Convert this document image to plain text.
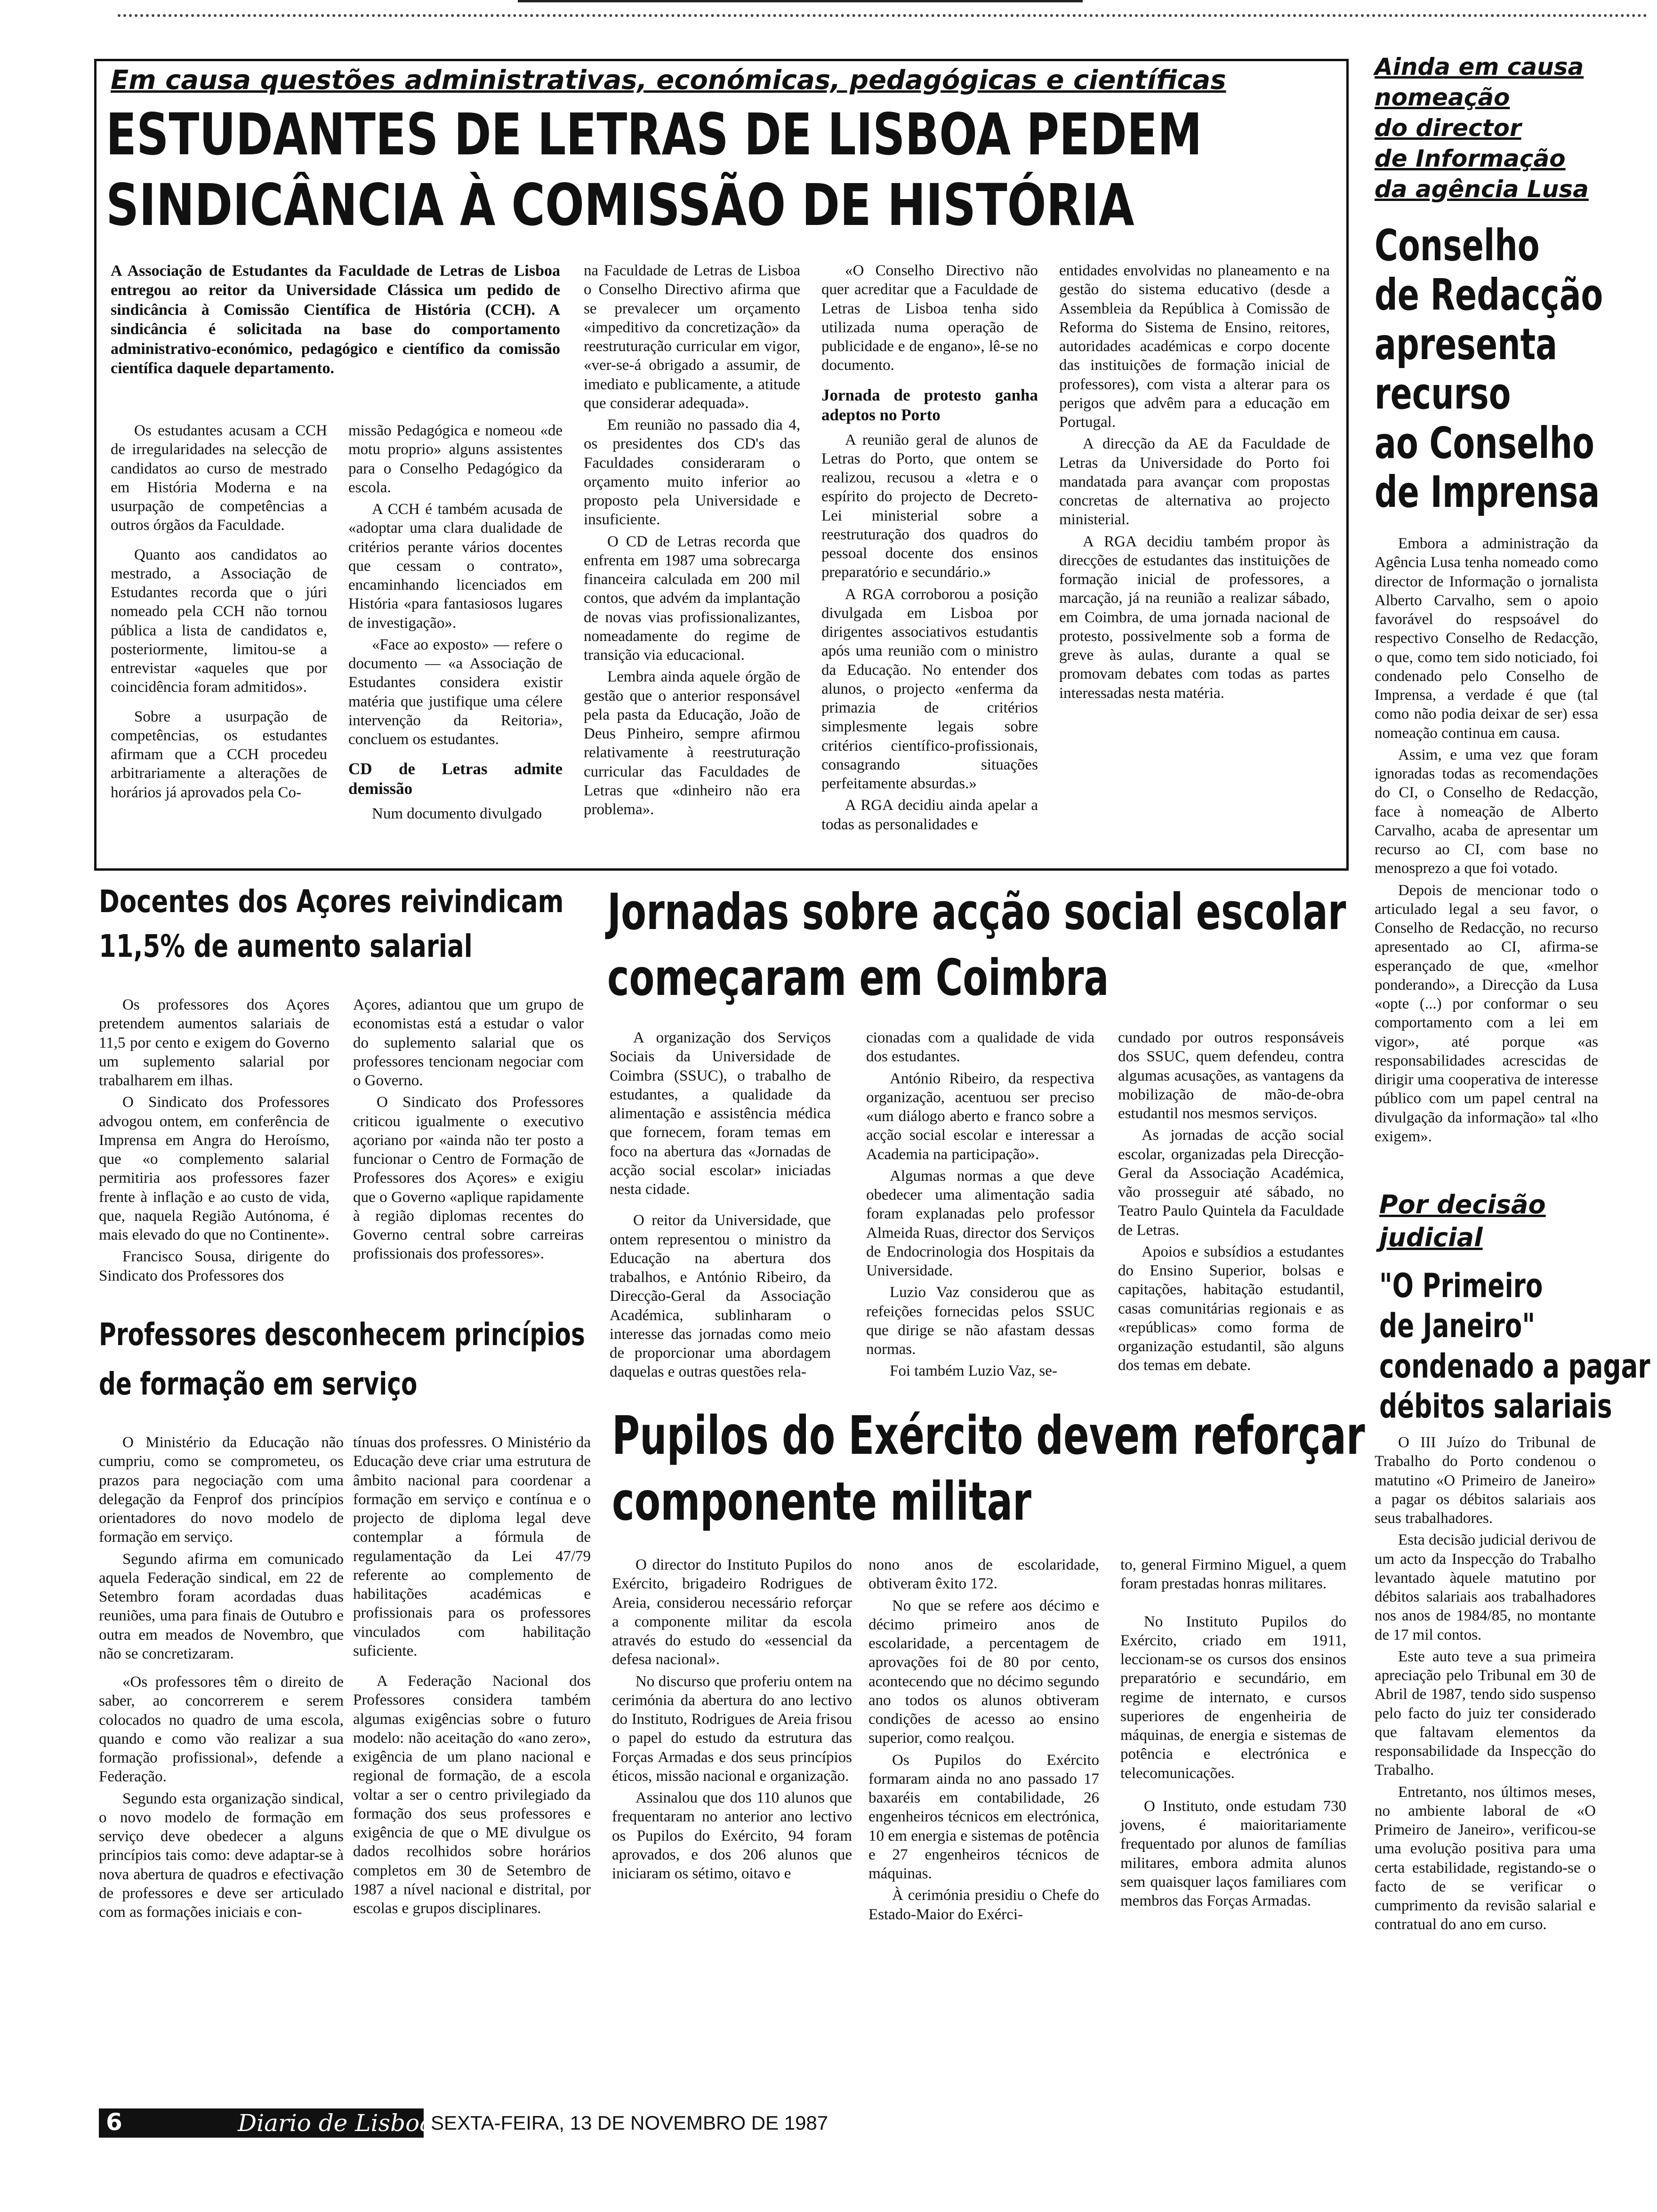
Em causa questões administrativas, económicas, pedagógicas e científicas

ESTUDANTES DE LETRAS DE LISBOA PEDEM
SINDICÂNCIA À COMISSÃO DE HISTÓRIA

A Associação de Estudantes da Faculdade de Letras de Lisboa entregou ao reitor da Universidade Clássica um pedido de sindicância à Comissão Científica de História (CCH). A sindicância é solicitada na base do comportamento administrativo-económico, pedagógico e científico da comissão científica daquele departamento.

Os estudantes acusam a CCH de irregularidades na selecção de candidatos ao curso de mestrado em História Moderna e na usurpação de competências a outros órgãos da Faculdade.

Quanto aos candidatos ao mestrado, a Associação de Estudantes recorda que o júri nomeado pela CCH não tornou pública a lista de candidatos e, posteriormente, limitou-se a entrevistar «aqueles que por coincidência foram admitidos».

Sobre a usurpação de competências, os estudantes afirmam que a CCH procedeu arbitrariamente a alterações de horários já aprovados pela Co-

missão Pedagógica e nomeou «de motu proprio» alguns assistentes para o Conselho Pedagógico da escola.

A CCH é também acusada de «adoptar uma clara dualidade de critérios perante vários docentes que cessam o contrato», encaminhando licenciados em História «para fantasiosos lugares de investigação».

«Face ao exposto» — refere o documento — «a Associação de Estudantes considera existir matéria que justifique uma célere intervenção da Reitoria», concluem os estudantes.

CD de Letras admite demissão

Num documento divulgado

na Faculdade de Letras de Lisboa o Conselho Directivo afirma que se prevalecer um orçamento «impeditivo da concretização» da reestruturação curricular em vigor, «ver-se-á obrigado a assumir, de imediato e publicamente, a atitude que considerar adequada».

Em reunião no passado dia 4, os presidentes dos CD's das Faculdades consideraram o orçamento muito inferior ao proposto pela Universidade e insuficiente.

O CD de Letras recorda que enfrenta em 1987 uma sobrecarga financeira calculada em 200 mil contos, que advém da implantação de novas vias profissionalizantes, nomeadamente do regime de transição via educacional.

Lembra ainda aquele órgão de gestão que o anterior responsável pela pasta da Educação, João de Deus Pinheiro, sempre afirmou relativamente à reestruturação curricular das Faculdades de Letras que «dinheiro não era problema».

«O Conselho Directivo não quer acreditar que a Faculdade de Letras de Lisboa tenha sido utilizada numa operação de publicidade e de engano», lê-se no documento.

Jornada de protesto ganha adeptos no Porto

A reunião geral de alunos de Letras do Porto, que ontem se realizou, recusou a «letra e o espírito do projecto de Decreto-Lei ministerial sobre a reestruturação dos quadros do pessoal docente dos ensinos preparatório e secundário.»

A RGA corroborou a posição divulgada em Lisboa por dirigentes associativos estudantis após uma reunião com o ministro da Educação. No entender dos alunos, o projecto «enferma da primazia de critérios simplesmente legais sobre critérios científico-profissionais, consagrando situações perfeitamente absurdas.»

A RGA decidiu ainda apelar a todas as personalidades e

entidades envolvidas no planeamento e na gestão do sistema educativo (desde a Assembleia da República à Comissão de Reforma do Sistema de Ensino, reitores, autoridades académicas e corpo docente das instituições de formação inicial de professores), com vista a alterar para os perigos que advêm para a educação em Portugal.

A direcção da AE da Faculdade de Letras da Universidade do Porto foi mandatada para avançar com propostas concretas de alternativa ao projecto ministerial.

A RGA decidiu também propor às direcções de estudantes das instituições de formação inicial de professores, a marcação, já na reunião a realizar sábado, em Coimbra, de uma jornada nacional de protesto, possivelmente sob a forma de greve às aulas, durante a qual se promovam debates com todas as partes interessadas nesta matéria.

Docentes dos Açores reivindicam
11,5% de aumento salarial

Os professores dos Açores pretendem aumentos salariais de 11,5 por cento e exigem do Governo um suplemento salarial por trabalharem em ilhas.

O Sindicato dos Professores advogou ontem, em conferência de Imprensa em Angra do Heroísmo, que «o complemento salarial permitiria aos professores fazer frente à inflação e ao custo de vida, que, naquela Região Autónoma, é mais elevado do que no Continente».

Francisco Sousa, dirigente do Sindicato dos Professores dos

Açores, adiantou que um grupo de economistas está a estudar o valor do suplemento salarial que os professores tencionam negociar com o Governo.

O Sindicato dos Professores criticou igualmente o executivo açoriano por «ainda não ter posto a funcionar o Centro de Formação de Professores dos Açores» e exigiu que o Governo «aplique rapidamente à região diplomas recentes do Governo central sobre carreiras profissionais dos professores».

Professores desconhecem princípios
de formação em serviço

O Ministério da Educação não cumpriu, como se comprometeu, os prazos para negociação com uma delegação da Fenprof dos princípios orientadores do novo modelo de formação em serviço.

Segundo afirma em comunicado aquela Federação sindical, em 22 de Setembro foram acordadas duas reuniões, uma para finais de Outubro e outra em meados de Novembro, que não se concretizaram.

«Os professores têm o direito de saber, ao concorrerem e serem colocados no quadro de uma escola, quando e como vão realizar a sua formação profissional», defende a Federação.

Segundo esta organização sindical, o novo modelo de formação em serviço deve obedecer a alguns princípios tais como: deve adaptar-se à nova abertura de quadros e efectivação de professores e deve ser articulado com as formações iniciais e con-

tínuas dos professres. O Ministério da Educação deve criar uma estrutura de âmbito nacional para coordenar a formação em serviço e contínua e o projecto de diploma legal deve contemplar a fórmula de regulamentação da Lei 47/79 referente ao complemento de habilitações académicas e profissionais para os professores vinculados com habilitação suficiente.

A Federação Nacional dos Professores considera também algumas exigências sobre o futuro modelo: não aceitação do «ano zero», exigência de um plano nacional e regional de formação, de a escola voltar a ser o centro privilegiado da formação dos seus professores e exigência de que o ME divulgue os dados recolhidos sobre horários completos em 30 de Setembro de 1987 a nível nacional e distrital, por escolas e grupos disciplinares.

Jornadas sobre acção social escolar
começaram em Coimbra

A organização dos Serviços Sociais da Universidade de Coimbra (SSUC), o trabalho de estudantes, a qualidade da alimentação e assistência médica que fornecem, foram temas em foco na abertura das «Jornadas de acção social escolar» iniciadas nesta cidade.

O reitor da Universidade, que ontem representou o ministro da Educação na abertura dos trabalhos, e António Ribeiro, da Direcção-Geral da Associação Académica, sublinharam o interesse das jornadas como meio de proporcionar uma abordagem daquelas e outras questões rela-

cionadas com a qualidade de vida dos estudantes.

António Ribeiro, da respectiva organização, acentuou ser preciso «um diálogo aberto e franco sobre a acção social escolar e interessar a Academia na participação».

Algumas normas a que deve obedecer uma alimentação sadia foram explanadas pelo professor Almeida Ruas, director dos Serviços de Endocrinologia dos Hospitais da Universidade.

Luzio Vaz considerou que as refeições fornecidas pelos SSUC que dirige se não afastam dessas normas.

Foi também Luzio Vaz, se-

cundado por outros responsáveis dos SSUC, quem defendeu, contra algumas acusações, as vantagens da mobilização de mão-de-obra estudantil nos mesmos serviços.

As jornadas de acção social escolar, organizadas pela Direcção-Geral da Associação Académica, vão prosseguir até sábado, no Teatro Paulo Quintela da Faculdade de Letras.

Apoios e subsídios a estudantes do Ensino Superior, bolsas e capitações, habitação estudantil, casas comunitárias regionais e as «repúblicas» como forma de organização estudantil, são alguns dos temas em debate.

Pupilos do Exército devem reforçar
componente militar

O director do Instituto Pupilos do Exército, brigadeiro Rodrigues de Areia, considerou necessário reforçar a componente militar da escola através do estudo do «essencial da defesa nacional».

No discurso que proferiu ontem na cerimónia da abertura do ano lectivo do Instituto, Rodrigues de Areia frisou o papel do estudo da estrutura das Forças Armadas e dos seus princípios éticos, missão nacional e organização.

Assinalou que dos 110 alunos que frequentaram no anterior ano lectivo os Pupilos do Exército, 94 foram aprovados, e dos 206 alunos que iniciaram os sétimo, oitavo e

nono anos de escolaridade, obtiveram êxito 172.

No que se refere aos décimo e décimo primeiro anos de escolaridade, a percentagem de aprovações foi de 80 por cento, acontecendo que no décimo segundo ano todos os alunos obtiveram condições de acesso ao ensino superior, como realçou.

Os Pupilos do Exército formaram ainda no ano passado 17 baxaréis em contabilidade, 26 engenheiros técnicos em electrónica, 10 em energia e sistemas de potência e 27 engenheiros técnicos de máquinas.

À cerimónia presidiu o Chefe do Estado-Maior do Exérci-

to, general Firmino Miguel, a quem foram prestadas honras militares.

No Instituto Pupilos do Exército, criado em 1911, leccionam-se os cursos dos ensinos preparatório e secundário, em regime de internato, e cursos superiores de engenheiria de máquinas, de energia e sistemas de potência e electrónica e telecomunicações.

O Instituto, onde estudam 730 jovens, é maioritariamente frequentado por alunos de famílias militares, embora admita alunos sem quaisquer laços familiares com membros das Forças Armadas.

Ainda em causa

nomeação

do director

de Informação

da agência Lusa

Conselho

de Redacção

apresenta

recurso

ao Conselho

de Imprensa

Embora a administração da Agência Lusa tenha nomeado como director de Informação o jornalista Alberto Carvalho, sem o apoio favorável do respsoável do respectivo Conselho de Redacção, o que, como tem sido noticiado, foi condenado pelo Conselho de Imprensa, a verdade é que (tal como não podia deixar de ser) essa nomeação continua em causa.

Assim, e uma vez que foram ignoradas todas as recomendações do CI, o Conselho de Redacção, face à nomeação de Alberto Carvalho, acaba de apresentar um recurso ao CI, com base no menosprezo a que foi votado.

Depois de mencionar todo o articulado legal a seu favor, o Conselho de Redacção, no recurso apresentado ao CI, afirma-se esperançado de que, «melhor ponderando», a Direcção da Lusa «opte (...) por conformar o seu comportamento com a lei em vigor», até porque «as responsabilidades acrescidas de dirigir uma cooperativa de interesse público com um papel central na divulgação da informação» tal «lho exigem».

Por decisão

judicial

"O Primeiro

de Janeiro"

condenado a pagar

débitos salariais

O III Juízo do Tribunal de Trabalho do Porto condenou o matutino «O Primeiro de Janeiro» a pagar os débitos salariais aos seus trabalhadores.

Esta decisão judicial derivou de um acto da Inspecção do Trabalho levantado àquele matutino por débitos salariais aos trabalhadores nos anos de 1984/85, no montante de 17 mil contos.

Este auto teve a sua primeira apreciação pelo Tribunal em 30 de Abril de 1987, tendo sido suspenso pelo facto do juiz ter considerado que faltavam elementos da responsabilidade da Inspecção do Trabalho.

Entretanto, nos últimos meses, no ambiente laboral de «O Primeiro de Janeiro», verificou-se uma evolução positiva para uma certa estabilidade, registando-se o facto de se verificar o cumprimento da revisão salarial e contratual do ano em curso.

6	Diario de Lisboa
SEXTA-FEIRA, 13 DE NOVEMBRO DE 1987
